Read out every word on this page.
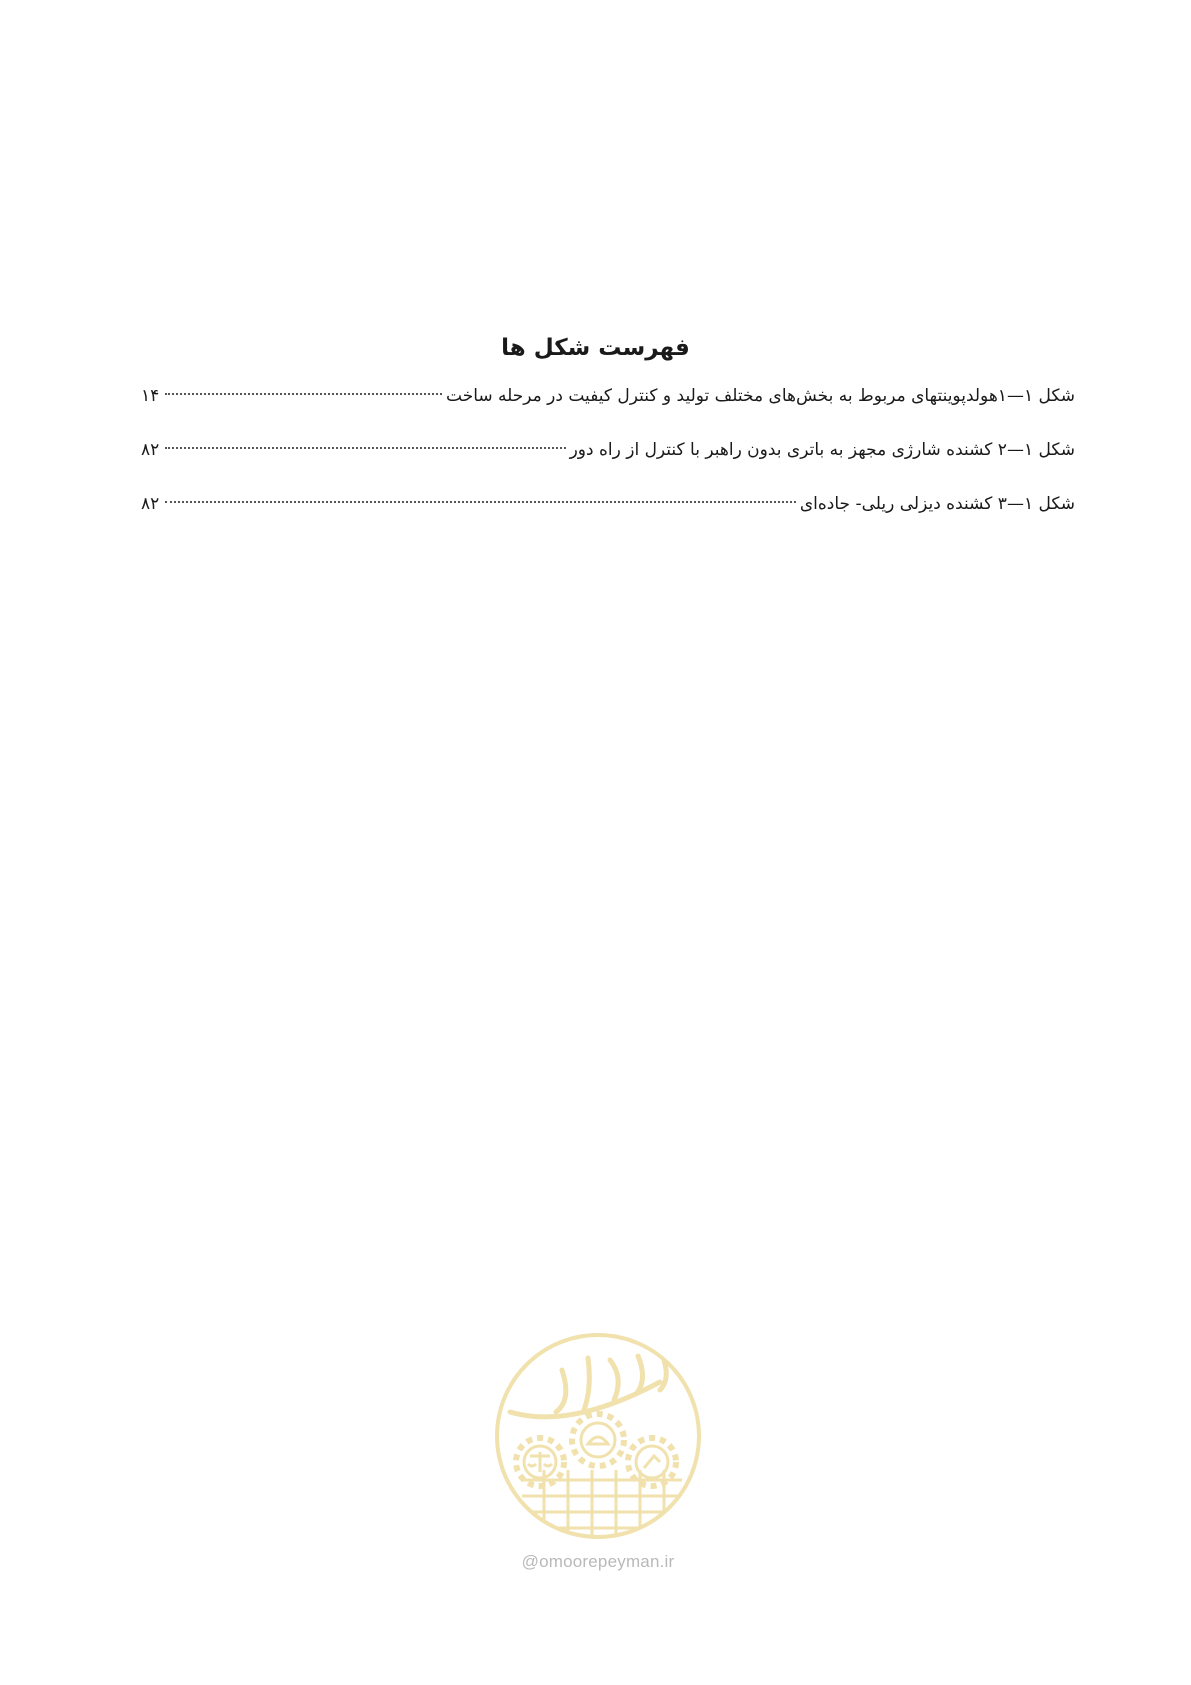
فهرست شکل ها
شکل ۱—۱هولدپوینتهای مربوط به بخش‌های مختلف تولید و کنترل کیفیت در مرحله ساخت
۱۴
شکل ۱—۲ کشنده شارژی مجهز به باتری بدون راهبر با کنترل از راه دور
۸۲
شکل ۱—۳ کشنده دیزلی ریلی- جاده‌ای
۸۲
@omoorepeyman.ir
